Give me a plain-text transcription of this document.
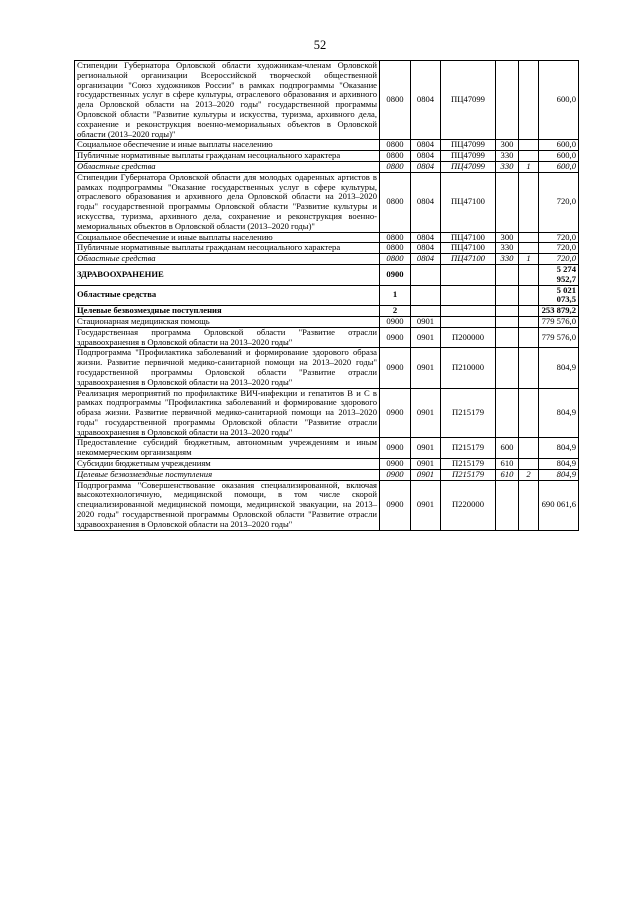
52
Стипендии Губернатора Орловской области художникам-членам Орловской региональной организации Всероссийской творческой общественной организации "Союз художников России" в рамках подпрограммы "Оказание государственных услуг в сфере культуры, отраслевого образования и архивного дела Орловской области на 2013–2020 годы" государственной программы Орловской области "Развитие культуры и искусства, туризма, архивного дела, сохранение и реконструкция военно-мемориальных объектов в Орловской области (2013–2020 годы)"	0800	0804	ПЦ47099			600,0
Социальное обеспечение и иные выплаты населению	0800	0804	ПЦ47099	300		600,0
Публичные нормативные выплаты гражданам несоциального характера	0800	0804	ПЦ47099	330		600,0
Областные средства	0800	0804	ПЦ47099	330	1	600,0
Стипендии Губернатора Орловской области для молодых одаренных артистов в рамках подпрограммы "Оказание государственных услуг в сфере культуры, отраслевого образования и архивного дела Орловской области на 2013–2020 годы" государственной программы Орловской области "Развитие культуры и искусства, туризма, архивного дела, сохранение и реконструкция военно-мемориальных объектов в Орловской области (2013–2020 годы)"	0800	0804	ПЦ47100			720,0
Социальное обеспечение и иные выплаты населению	0800	0804	ПЦ47100	300		720,0
Публичные нормативные выплаты гражданам несоциального характера	0800	0804	ПЦ47100	330		720,0
Областные средства	0800	0804	ПЦ47100	330	1	720,0
ЗДРАВООХРАНЕНИЕ	0900					5 274 952,7
Областные средства	1					5 021 073,5
Целевые безвозмездные поступления	2					253 879,2
Стационарная медицинская помощь	0900	0901				779 576,0
Государственная программа Орловской области "Развитие отрасли здравоохранения в Орловской области на 2013–2020 годы"	0900	0901	П200000			779 576,0
Подпрограмма "Профилактика заболеваний и формирование здорового образа жизни. Развитие первичной медико-санитарной помощи на 2013–2020 годы" государственной программы Орловской области "Развитие отрасли здравоохранения в Орловской области на 2013–2020 годы"	0900	0901	П210000			804,9
Реализация мероприятий по профилактике ВИЧ-инфекции и гепатитов В и С в рамках подпрограммы "Профилактика заболеваний и формирование здорового образа жизни. Развитие первичной медико-санитарной помощи на 2013–2020 годы" государственной программы Орловской области "Развитие отрасли здравоохранения в Орловской области на 2013–2020 годы"	0900	0901	П215179			804,9
Предоставление субсидий бюджетным, автономным учреждениям и иным некоммерческим организациям	0900	0901	П215179	600		804,9
Субсидии бюджетным учреждениям	0900	0901	П215179	610		804,9
Целевые безвозмездные поступления	0900	0901	П215179	610	2	804,9
Подпрограмма "Совершенствование оказания специализированной, включая высокотехнологичную, медицинской помощи, в том числе скорой специализированной медицинской помощи, медицинской эвакуации, на 2013–2020 годы" государственной программы Орловской области "Развитие отрасли здравоохранения в Орловской области на 2013–2020 годы"	0900	0901	П220000			690 061,6
